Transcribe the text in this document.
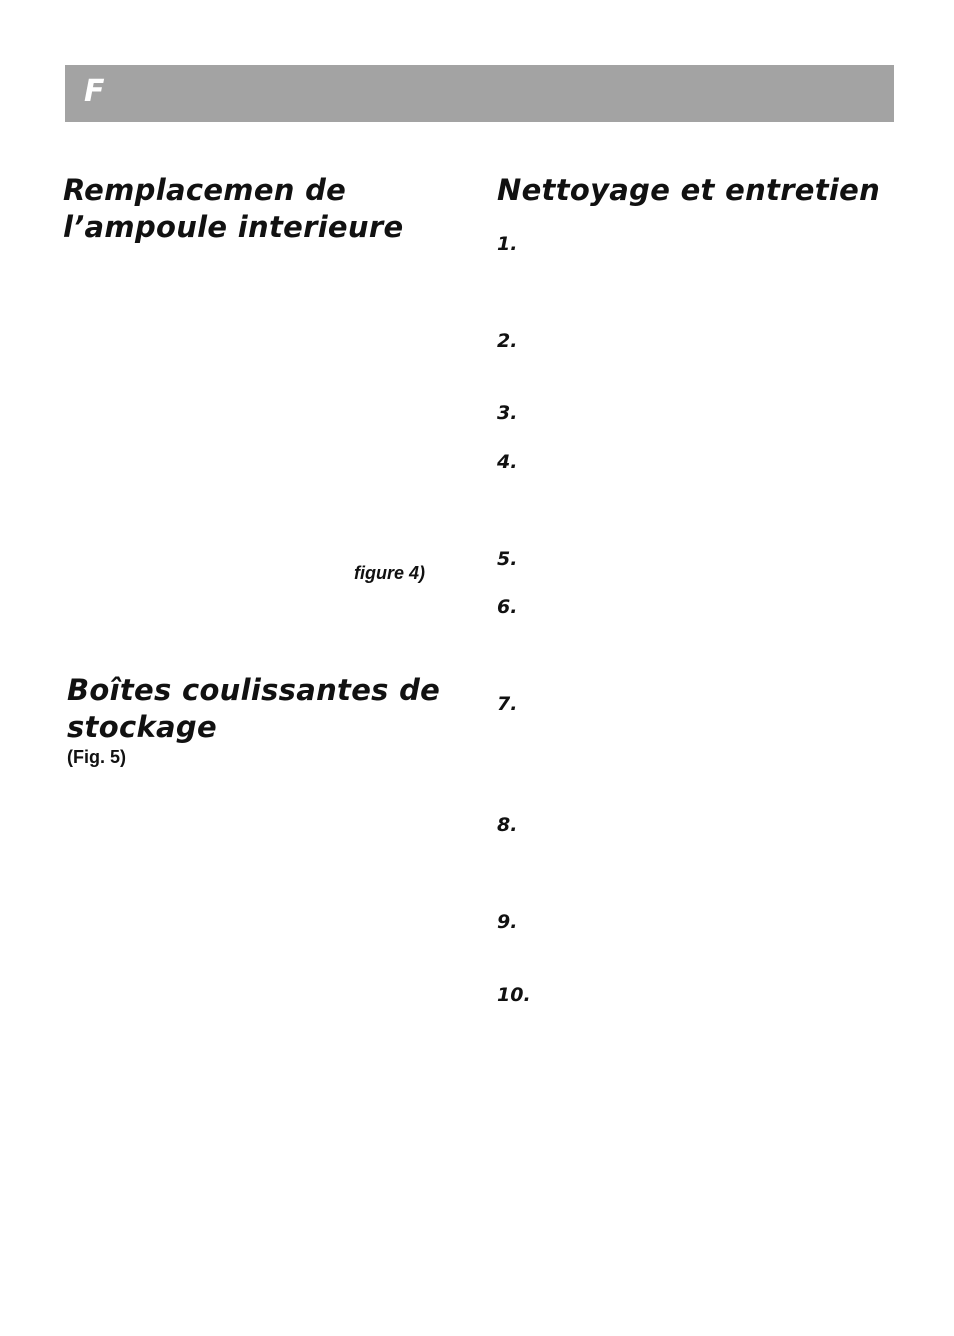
F
Remplacemen de
l’ampoule interieure
figure 4)
Boîtes coulissantes de
stockage
(Fig. 5)
Nettoyage et entretien
1.
2.
3.
4.
5.
6.
7.
8.
9.
10.
